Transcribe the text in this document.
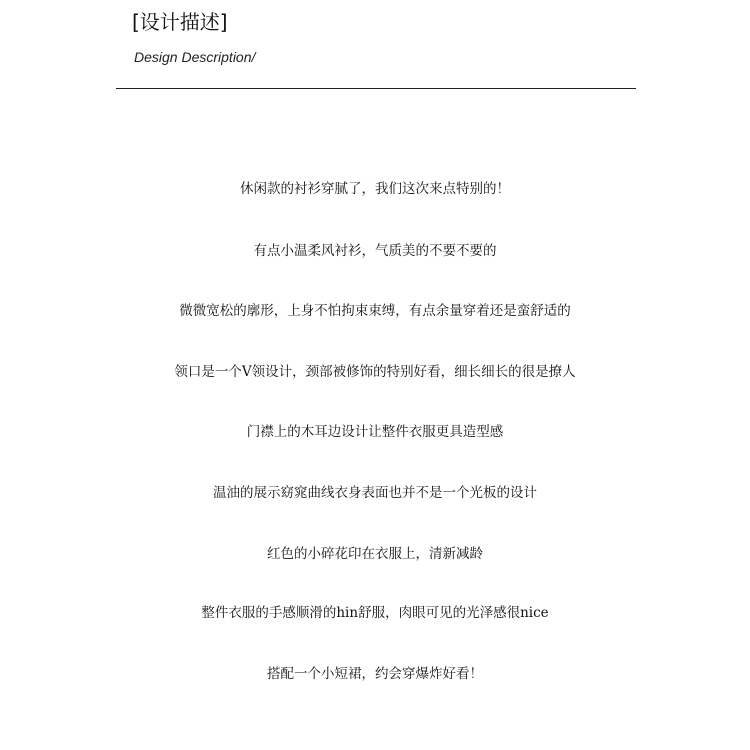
[设计描述]
Design Description/
休闲款的衬衫穿腻了，我们这次来点特别的！
有点小温柔风衬衫，气质美的不要不要的
微微宽松的廓形，上身不怕拘束束缚，有点余量穿着还是蛮舒适的
领口是一个V领设计，颈部被修饰的特别好看，细长细长的很是撩人
门襟上的木耳边设计让整件衣服更具造型感
温油的展示窈窕曲线衣身表面也并不是一个光板的设计
红色的小碎花印在衣服上，清新减龄
整件衣服的手感顺滑的hin舒服，肉眼可见的光泽感很nice
搭配一个小短裙，约会穿爆炸好看！
